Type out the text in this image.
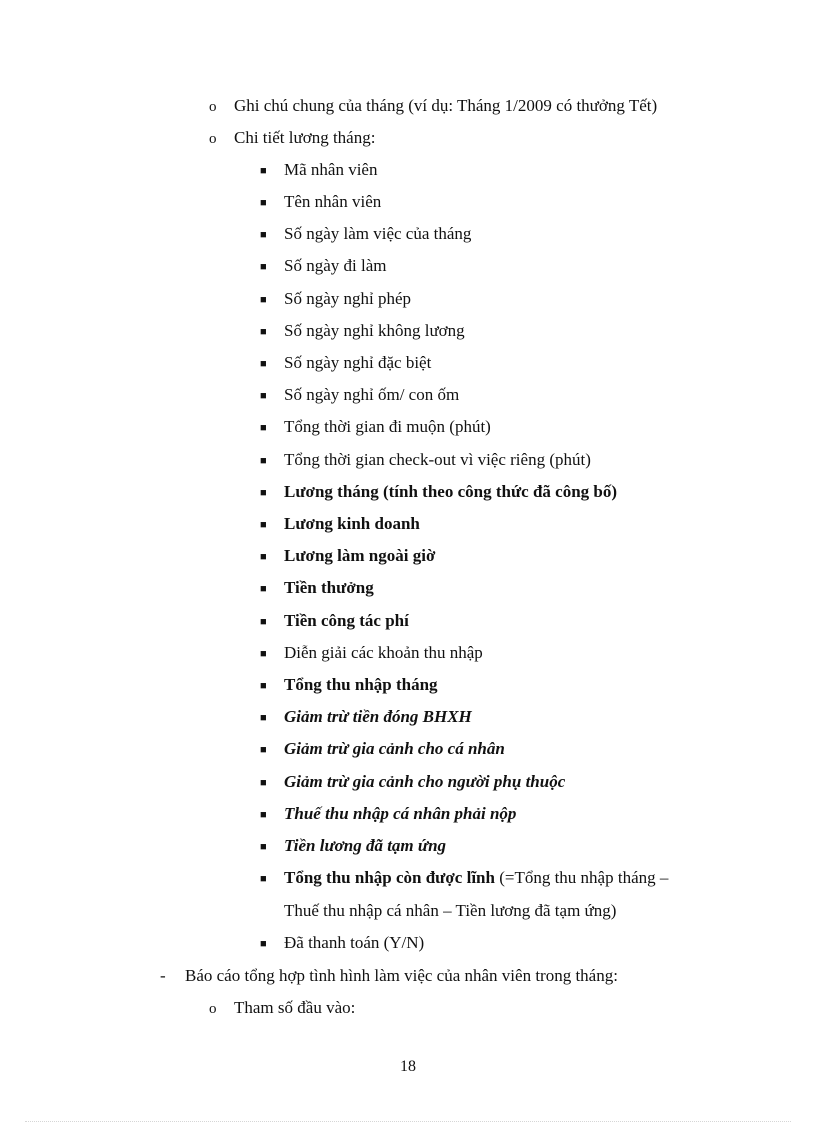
o Ghi chú chung của tháng (ví dụ: Tháng 1/2009 có thưởng Tết)
o Chi tiết lương tháng:
■ Mã nhân viên
■ Tên nhân viên
■ Số ngày làm việc của tháng
■ Số ngày đi làm
■ Số ngày nghỉ phép
■ Số ngày nghỉ không lương
■ Số ngày nghỉ đặc biệt
■ Số ngày nghỉ ốm/ con ốm
■ Tổng thời gian đi muộn (phút)
■ Tổng thời gian check-out vì việc riêng (phút)
■ Lương tháng (tính theo công thức đã công bố)
■ Lương kinh doanh
■ Lương làm ngoài giờ
■ Tiền thưởng
■ Tiền công tác phí
■ Diễn giải các khoản thu nhập
■ Tổng thu nhập tháng
■ Giảm trừ tiền đóng BHXH
■ Giảm trừ gia cảnh cho cá nhân
■ Giảm trừ gia cảnh cho người phụ thuộc
■ Thuế thu nhập cá nhân phải nộp
■ Tiền lương đã tạm ứng
■ Tổng thu nhập còn được lĩnh (=Tổng thu nhập tháng –
Thuế thu nhập cá nhân – Tiền lương đã tạm ứng)
■ Đã thanh toán (Y/N)
- Báo cáo tổng hợp tình hình làm việc của nhân viên trong tháng:
o Tham số đầu vào:
18
